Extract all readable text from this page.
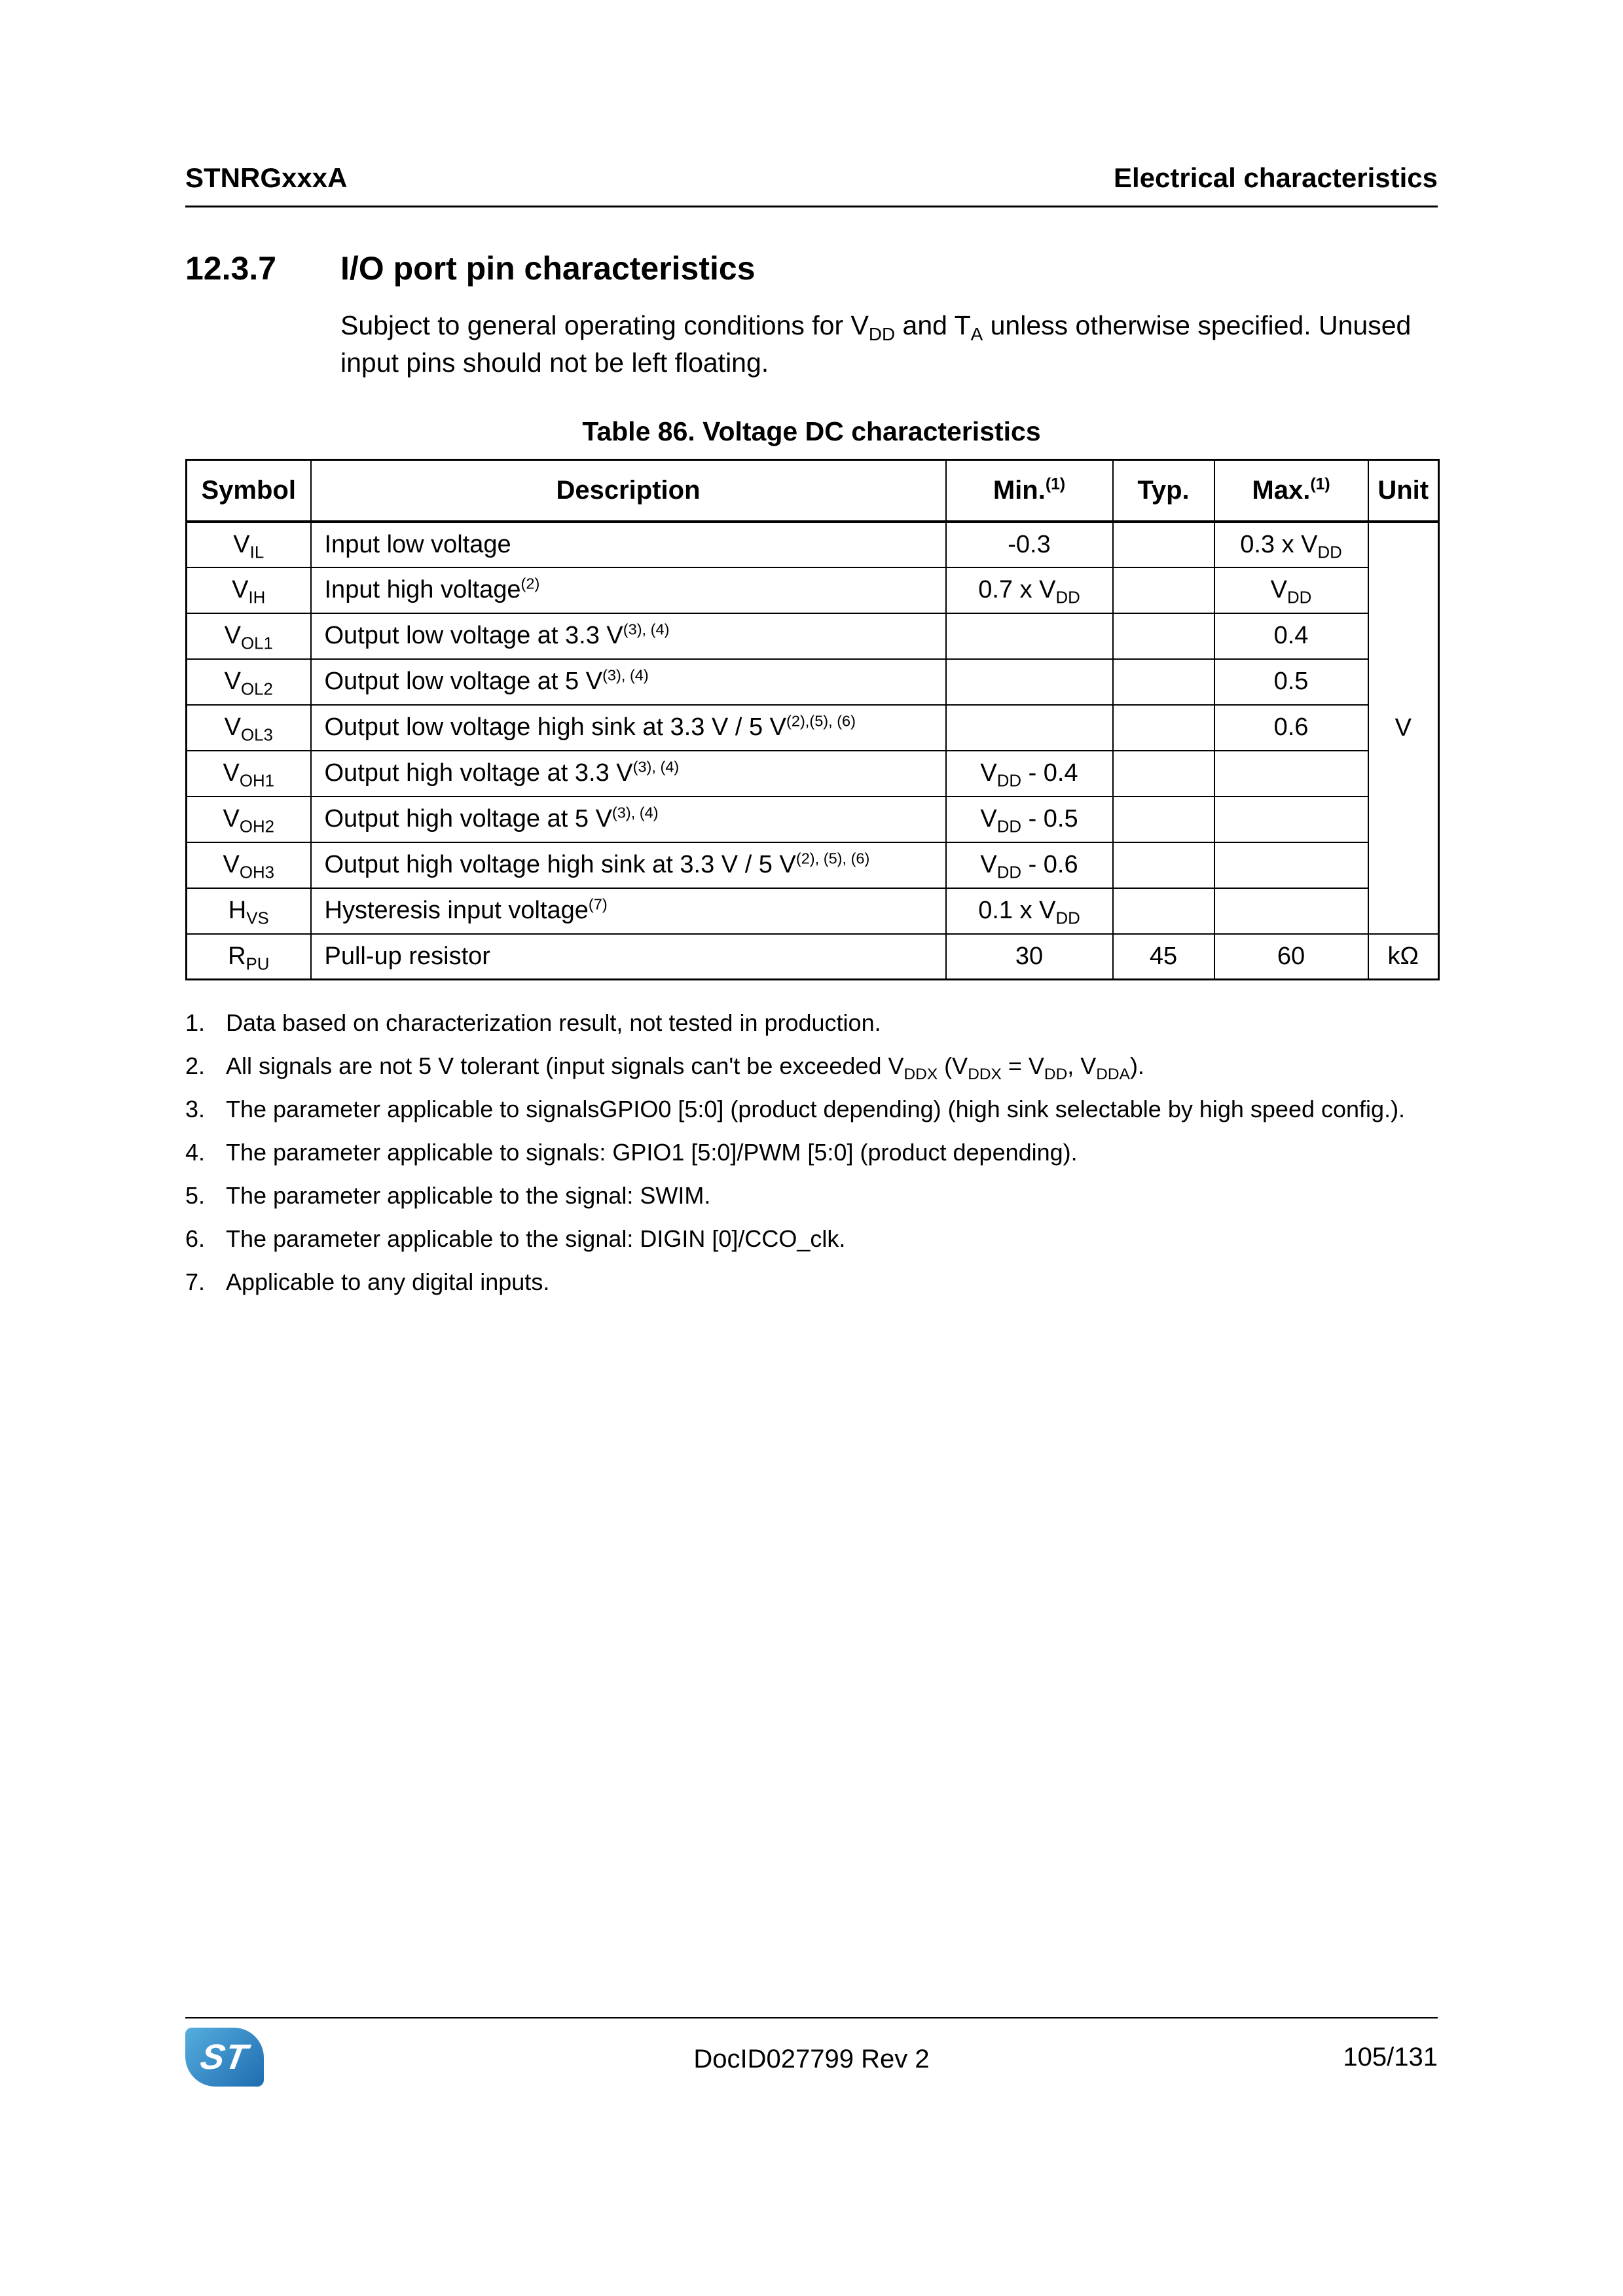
STNRGxxxA	Electrical characteristics
12.3.7	I/O port pin characteristics

Subject to general operating conditions for $V_{DD}$ and $T_A$ unless otherwise specified. Unused input pins should not be left floating.

Table 86. Voltage DC characteristics
Symbol	Description	Min.$^{(1)}$	Typ.	Max.$^{(1)}$	Unit
$V_{IL}$	Input low voltage	-0.3		0.3 x $V_{DD}$	V
$V_{IH}$	Input high voltage$^{(2)}$	0.7 x $V_{DD}$		$V_{DD}$
$V_{OL1}$	Output low voltage at 3.3 $V^{(3), (4)}$			0.4	
$V_{OL2}$	Output low voltage at 5 $V^{(3), (4)}$			0.5	
$V_{OL3}$	Output low voltage high sink at 3.3 V / 5 $V^{(2),(5), (6)}$			0.6	
$V_{OH1}$	Output high voltage at 3.3 $V^{(3), (4)}$	$V_{DD} - 0.4$			
$V_{OH2}$	Output high voltage at 5 $V^{(3), (4)}$	$V_{DD} - 0.5$			
$V_{OH3}$	Output high voltage high sink at 3.3 V / 5 $V^{(2), (5), (6)}$	$V_{DD} - 0.6$			
$H_{VS}$	Hysteresis input voltage$^{(7)}$	0.1 x $V_{DD}$		
$R_{PU}$	Pull-up resistor	30	45	60	kΩ
1. Data based on characterization result, not tested in production.
2. All signals are not 5 V tolerant (input signals can't be exceeded $V_{DDX}$ ($V_{DDX} = V_{DD}$, $V_{DDA}$).
3. The parameter applicable to signalsGPIO0 [5:0] (product depending) (high sink selectable by high speed config.).
4. The parameter applicable to signals: GPIO1 [5:0]/PWM [5:0] (product depending).
5. The parameter applicable to the signal: SWIM.
6. The parameter applicable to the signal: DIGIN [0]/CCO_clk.
7. Applicable to any digital inputs.
ST	DocID027799 Rev 2	105/131
